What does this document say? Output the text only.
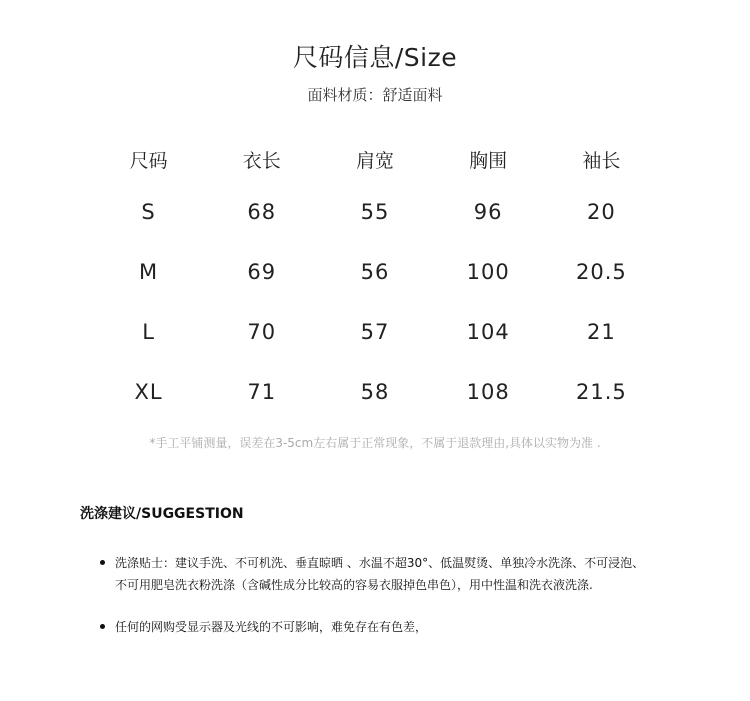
尺码信息/Size
面料材质：舒适面料
尺码	衣长	肩宽	胸围	袖长
S	68	55	96	20
M	69	56	100	20.5
L	70	57	104	21
XL	71	58	108	21.5
*手工平铺测量，误差在3-5cm左右属于正常现象，不属于退款理由,具体以实物为准 .
洗涤建议/SUGGESTION
洗涤贴士：建议手洗、不可机洗、垂直晾晒 、水温不超30°、低温熨烫、单独冷水洗涤、不可浸泡、
不可用肥皂洗衣粉洗涤（含碱性成分比较高的容易衣服掉色串色），用中性温和洗衣液洗涤.
任何的网购受显示器及光线的不可影响，难免存在有色差，
